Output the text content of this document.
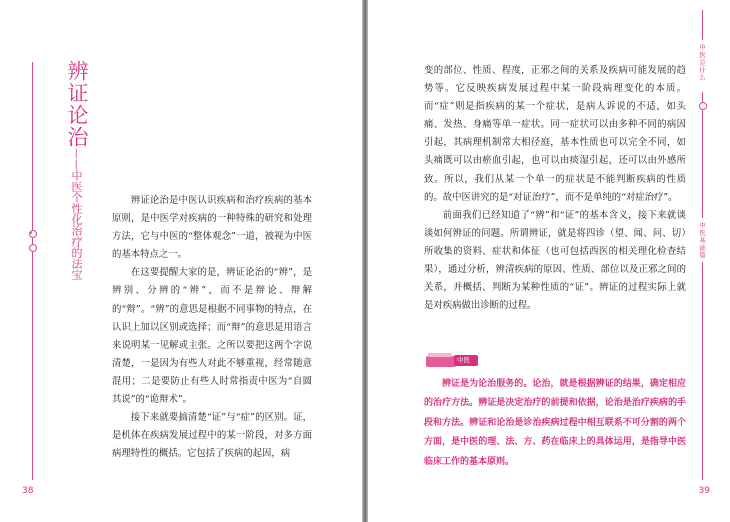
辨证论治
——中医个性化治疗的法宝	辨证论治是中医认识疾病和治疗疾病的基本原则，是中医学对疾病的一种特殊的研究和处理方法，它与中医的“整体观念”一道，被视为中医的基本特点之一。

在这要提醒大家的是，辨证论治的“辨”，是辨别、分辨的“辨”，而不是辩论、辩解的“辩”。“辨”的意思是根据不同事物的特点，在认识上加以区别或选择；而“辩”的意思是用语言来说明某一见解或主张。之所以要把这两个字说清楚，一是因为有些人对此不够重视，经常随意混用；二是要防止有些人时常指责中医为“自圆其说”的“诡辩术”。

接下来就要搞清楚“证”与“症”的区别。证，是机体在疾病发展过程中的某一阶段，对多方面病理特性的概括。它包括了疾病的起因，病

38
中医是什么
中医基础篇

变的部位、性质、程度，正邪之间的关系及疾病可能发展的趋势等。它反映疾病发展过程中某一阶段病理变化的本质。而“症”则是指疾病的某一个症状，是病人诉说的不适，如头痛、发热、身痛等单一症状。同一症状可以由多种不同的病因引起，其病理机制常大相径庭，基本性质也可以完全不同，如头痛既可以由瘀血引起，也可以由痰湿引起，还可以由外感所致。所以，我们从某一个单一的症状是不能判断疾病的性质的。故中医讲究的是“对证治疗”，而不是单纯的“对症治疗”。

前面我们已经知道了“辨”和“证”的基本含义，接下来就谈谈如何辨证的问题。所谓辨证，就是将四诊（望、闻、问、切）所收集的资料、症状和体征（也可包括西医的相关理化检查结果），通过分析，辨清疾病的原因、性质、部位以及正邪之间的关系，并概括、判断为某种性质的“证”。辨证的过程实际上就是对疾病做出诊断的过程。

中医说

辨证是为论治服务的。论治，就是根据辨证的结果，确定相应的治疗方法。辨证是决定治疗的前提和依据，论治是治疗疾病的手段和方法。辨证和论治是诊治疾病过程中相互联系不可分割的两个方面，是中医的理、法、方、药在临床上的具体运用，是指导中医临床工作的基本原则。

39
